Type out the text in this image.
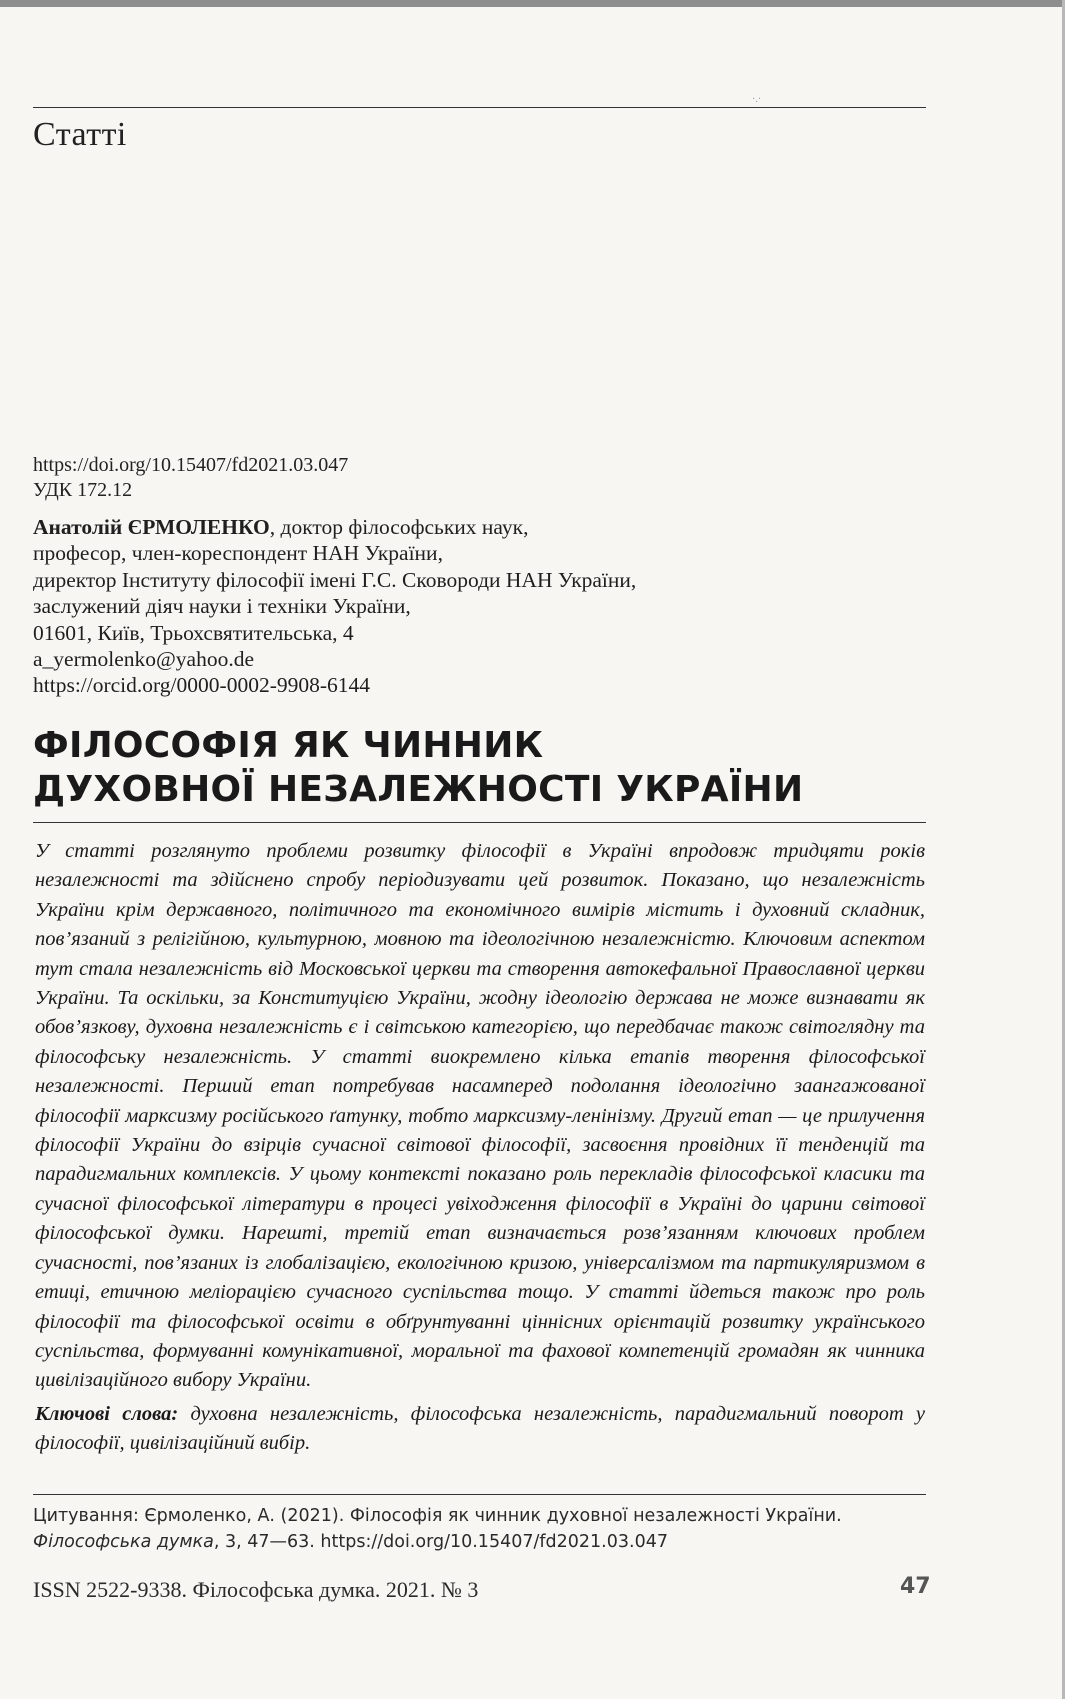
·.·
Статті
https://doi.org/10.15407/fd2021.03.047
УДК 172.12
Анатолій ЄРМОЛЕНКО, доктор філософських наук,
професор, член-кореспондент НАН України,
директор Інституту філософії імені Г.С. Сковороди НАН України,
заслужений діяч науки і техніки України,
01601, Київ, Трьохсвятительська, 4
a_yermolenko@yahoo.de
https://orcid.org/0000-0002-9908-6144
ФІЛОСОФІЯ ЯК ЧИННИК
ДУХОВНОЇ НЕЗАЛЕЖНОСТІ УКРАЇНИ
У статті розглянуто проблеми розвитку філософії в Україні впродовж тридцяти років незалежності та здійснено спробу періодизувати цей розвиток. Показано, що незалежність України крім державного, політичного та економічного вимірів містить і духовний складник, пов’язаний з релігійною, культурною, мовною та ідеологічною незалежністю. Ключовим аспектом тут стала незалежність від Московської церкви та створення автокефальної Православної церкви України. Та оскільки, за Конституцією України, жодну ідеологію держава не може визнавати як обов’язкову, духовна незалежність є і світською категорією, що передбачає також світоглядну та філософську незалежність. У статті виокремлено кілька етапів творення філософської незалежності. Перший етап потребував насамперед подолання ідеологічно заангажованої філософії марксизму російського ґатунку, тобто марксизму-ленінізму. Другий етап — це прилучення філософії України до взірців сучасної світової філософії, засвоєння провідних її тенденцій та парадигмальних комплексів. У цьому контексті показано роль перекладів філософської класики та сучасної філософської літератури в процесі увіходження філософії в Україні до царини світової філософської думки. Нарешті, третій етап визначається розв’язанням ключових проблем сучасності, пов’язаних із глобалізацією, екологічною кризою, універсалізмом та партикуляризмом в етиці, етичною меліорацією сучасного суспільства тощо. У статті йдеться також про роль філософії та філософської освіти в обґрунтуванні ціннісних орієнтацій розвитку українського суспільства, формуванні комунікативної, моральної та фахової компетенцій громадян як чинника цивілізаційного вибору України.
Ключові слова: духовна незалежність, філософська незалежність, парадигмальний поворот у філософії, цивілізаційний вибір.
Цитування: Єрмоленко, А. (2021). Філософія як чинник духовної незалежності України.
Філософська думка, 3, 47—63. https://doi.org/10.15407/fd2021.03.047
ISSN 2522-9338. Філософська думка. 2021. № 3	47
